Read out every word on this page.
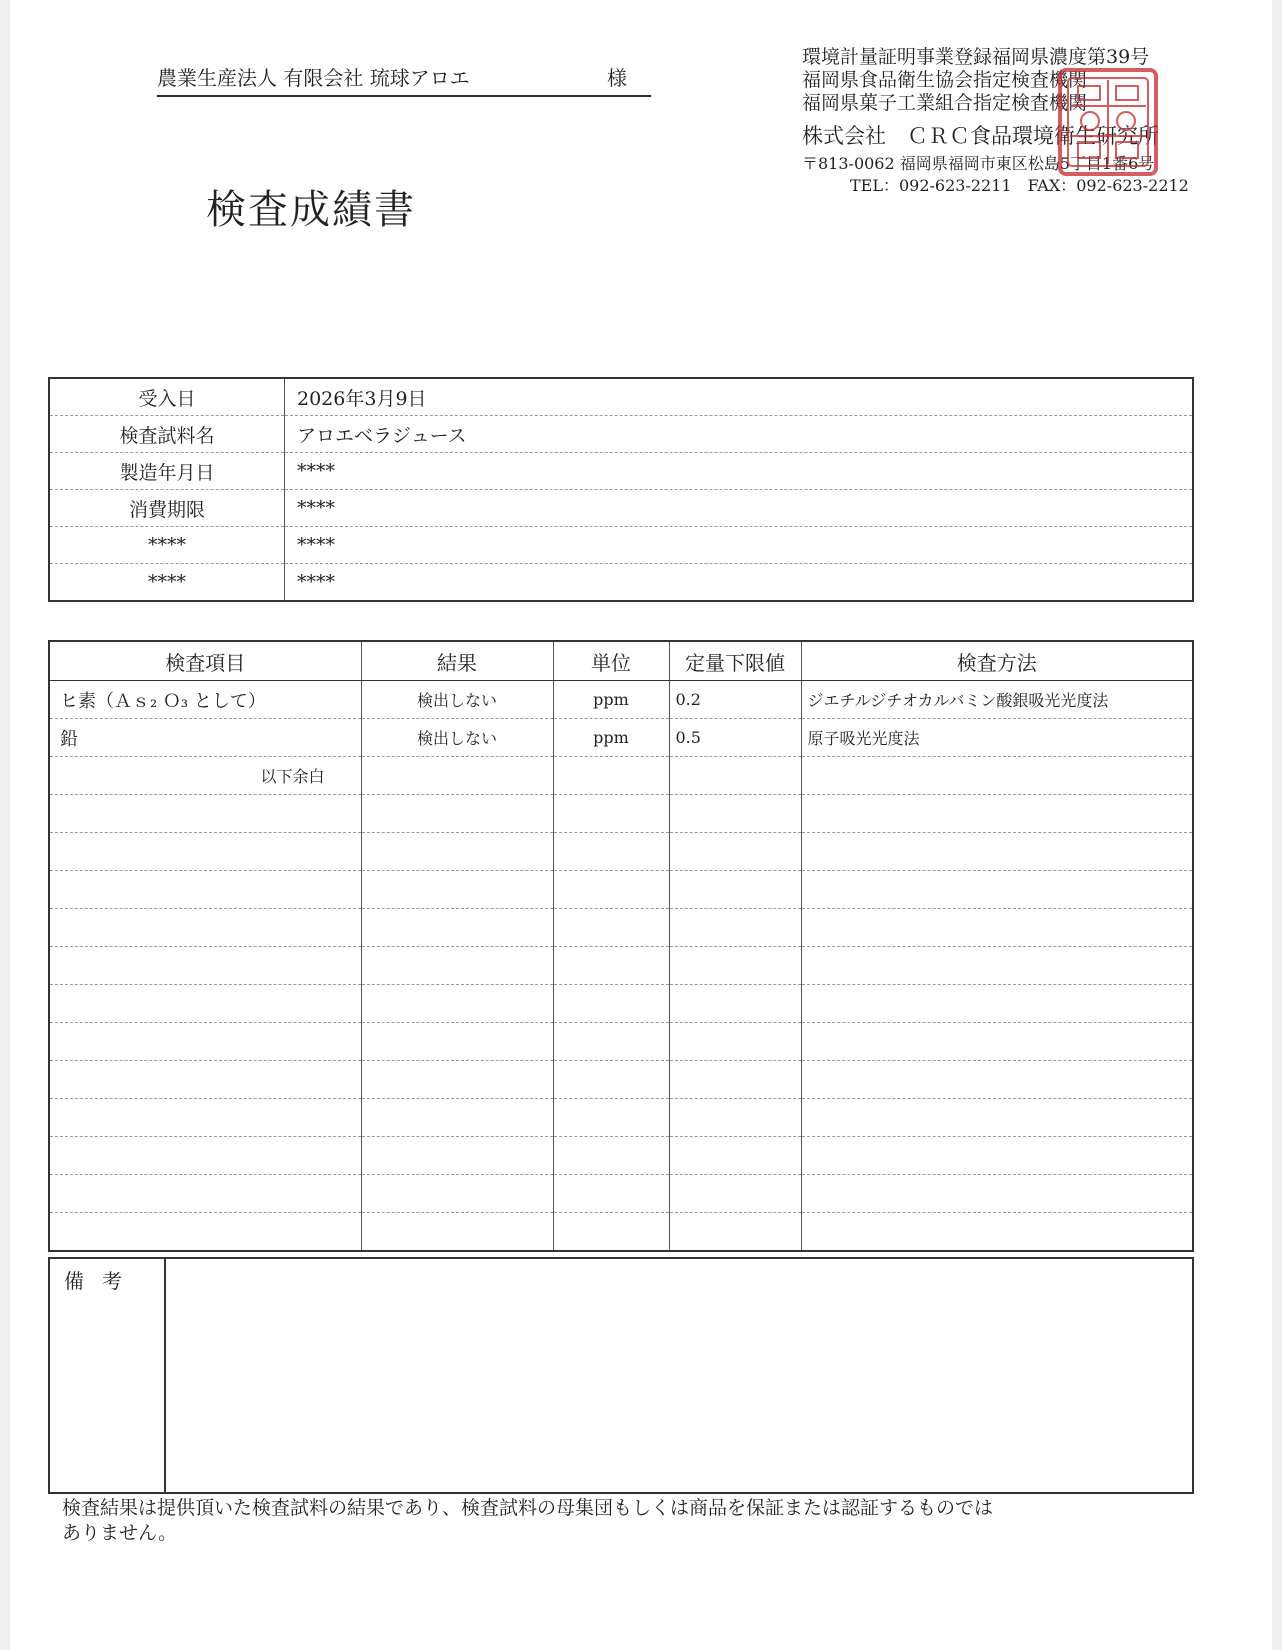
農業生産法人 有限会社 琉球アロエ	様
検査成績書
環境計量証明事業登録福岡県濃度第39号
福岡県食品衛生協会指定検査機関
福岡県菓子工業組合指定検査機関
株式会社　ＣＲＣ食品環境衛生研究所
〒813-0062 福岡県福岡市東区松島5丁目1番6号
TEL：092-623-2211　FAX：092-623-2212
受入日	2026年3月9日
検査試料名	アロエベラジュース
製造年月日	****
消費期限	****
****	****
****	****
検査項目	結果	単位	定量下限値	検査方法
ヒ素（Ａｓ₂ Ｏ₃ として）	検出しない	ppm	0.2	ジエチルジチオカルバミン酸銀吸光光度法
鉛	検出しない	ppm	0.5	原子吸光光度法
以下余白				

備考	
検査結果は提供頂いた検査試料の結果であり、検査試料の母集団もしくは商品を保証または認証するものでは
ありません。
